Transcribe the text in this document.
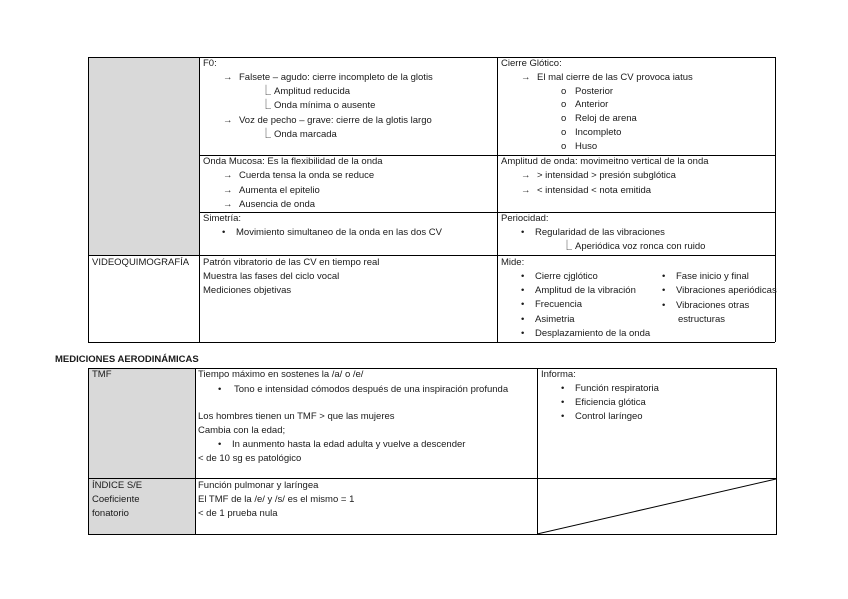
F0:
→ Falsete – agudo: cierre incompleto de la glotis
⎿ Amplitud reducida
⎿ Onda mínima o ausente
→ Voz de pecho – grave: cierre de la glotis largo
⎿ Onda marcada
Cierre Glótico:
→ El mal cierre de las CV provoca iatus
o Posterior
o Anterior
o Reloj de arena
o Incompleto
o Huso
Onda Mucosa: Es la flexibilidad de la onda
→ Cuerda tensa la onda se reduce
→ Aumenta el epitelio
→ Ausencia de onda
Amplitud de onda: movimeitno vertical de la onda
→ > intensidad > presión subglótica
→ < intensidad < nota emitida
Simetría:
• Movimiento simultaneo de la onda en las dos CV
Periocidad:
• Regularidad de las vibraciones
⎿ Aperiódica voz ronca con ruido
VIDEOQUIMOGRAFÍA Patrón vibratorio de las CV en tiempo real
Muestra las fases del ciclo vocal
Mediciones objetivas
Mide:
• Cierre cjglótico
• Amplitud de la vibración
• Frecuencia
• Asimetria
• Desplazamiento de la onda
• Fase inicio y final
• Vibraciones aperiódicas
• Vibraciones otras
estructuras
MEDICIONES AERODINÁMICAS
TMF	Tiempo máximo en sostenes la /a/ o /e/
• Tono e intensidad cómodos después de una inspiración profunda
Los hombres tienen un TMF > que las mujeres
Cambia con la edad;
• In aunmento hasta la edad adulta y vuelve a descender
< de 10 sg es patológico
Informa:
• Función respiratoria
• Eficiencia glótica
• Control laríngeo
ÍNDICE S/E
Coeficiente
fonatorio
Función pulmonar y laríngea
El TMF de la /e/ y /s/ es el mismo = 1
< de 1 prueba nula
